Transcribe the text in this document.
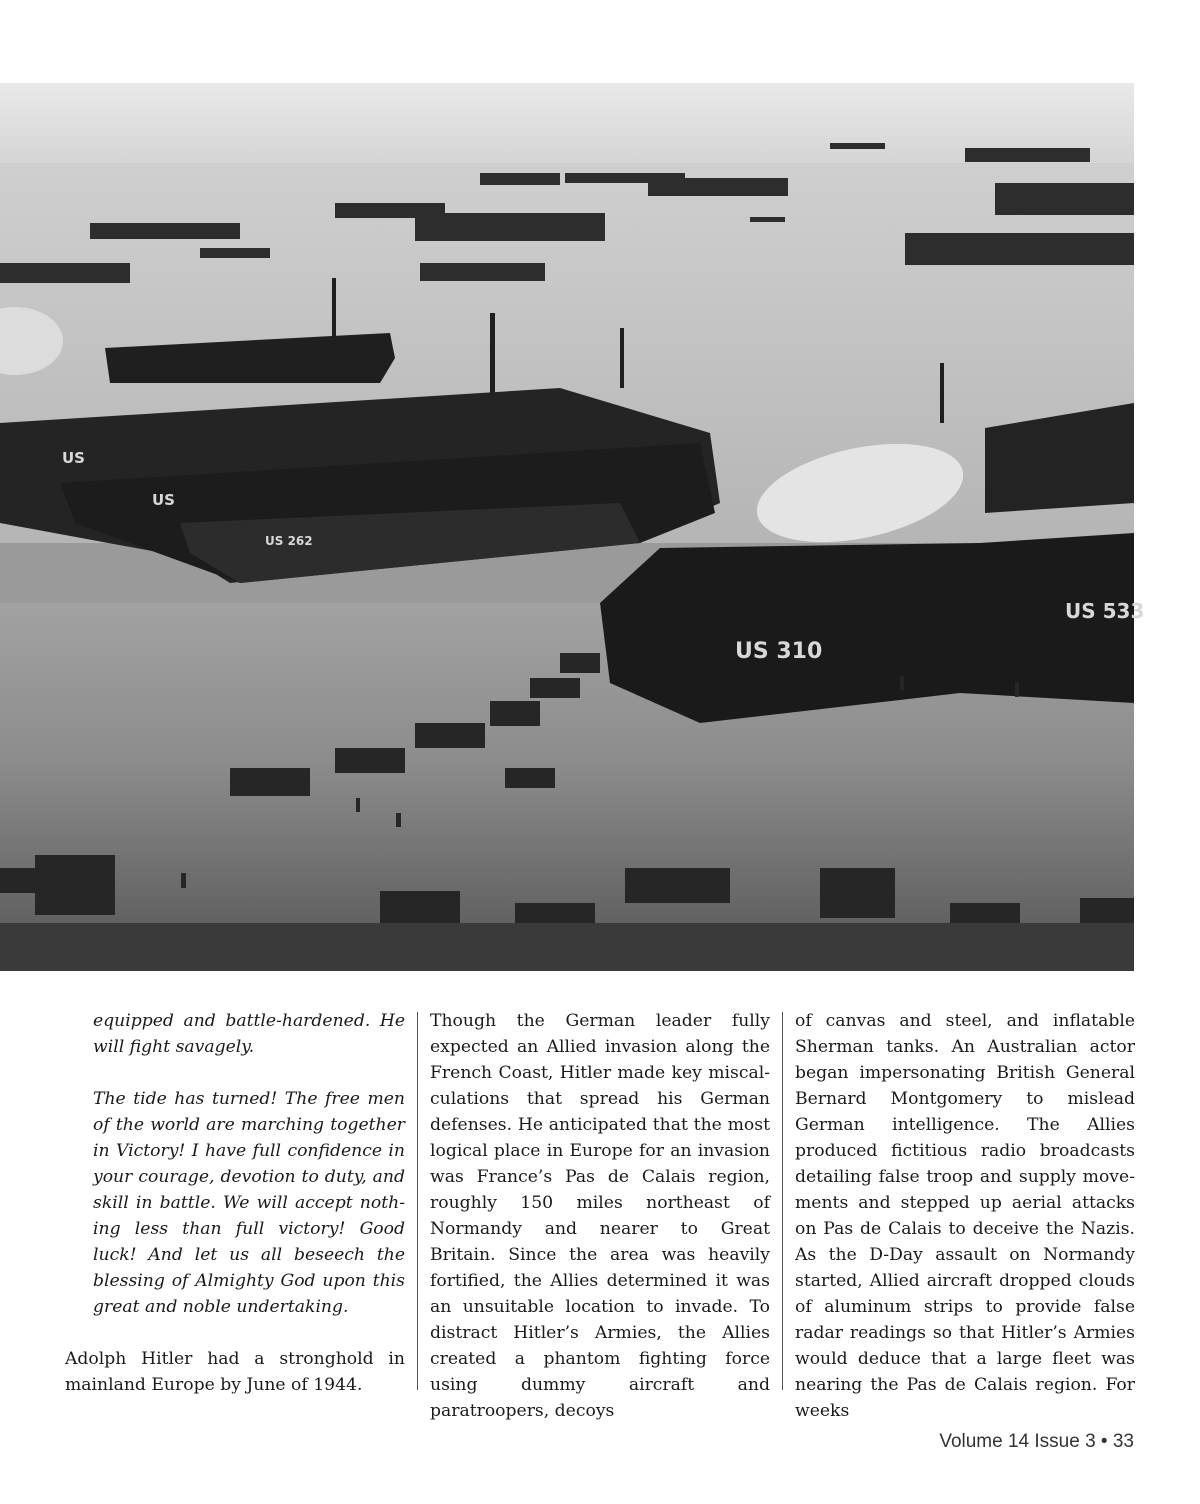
US
US
US 262
US 310
US 533

equipped and battle-hardened. He will fight savagely.

The tide has turned! The free men of the world are marching together in Victory! I have full confidence in your courage, devotion to duty, and skill in battle. We will accept nothing less than full victory! Good luck! And let us all beseech the blessing of Almighty God upon this great and noble undertaking.

Adolph Hitler had a stronghold in mainland Europe by June of 1944.

Though the German leader fully expected an Allied invasion along the French Coast, Hitler made key miscalculations that spread his German defenses. He anticipated that the most logical place in Europe for an invasion was France’s Pas de Calais region, roughly 150 miles northeast of Normandy and nearer to Great Britain. Since the area was heavily fortified, the Allies determined it was an unsuitable location to invade. To distract Hitler’s Armies, the Allies created a phantom fighting force using dummy aircraft and paratroopers, decoys

of canvas and steel, and inflatable Sherman tanks. An Australian actor began impersonating British General Bernard Montgomery to mislead German intelligence. The Allies produced fictitious radio broadcasts detailing false troop and supply movements and stepped up aerial attacks on Pas de Calais to deceive the Nazis. As the D-Day assault on Normandy started, Allied aircraft dropped clouds of aluminum strips to provide false radar readings so that Hitler’s Armies would deduce that a large fleet was nearing the Pas de Calais region. For weeks

Volume 14 Issue 3 • 33
